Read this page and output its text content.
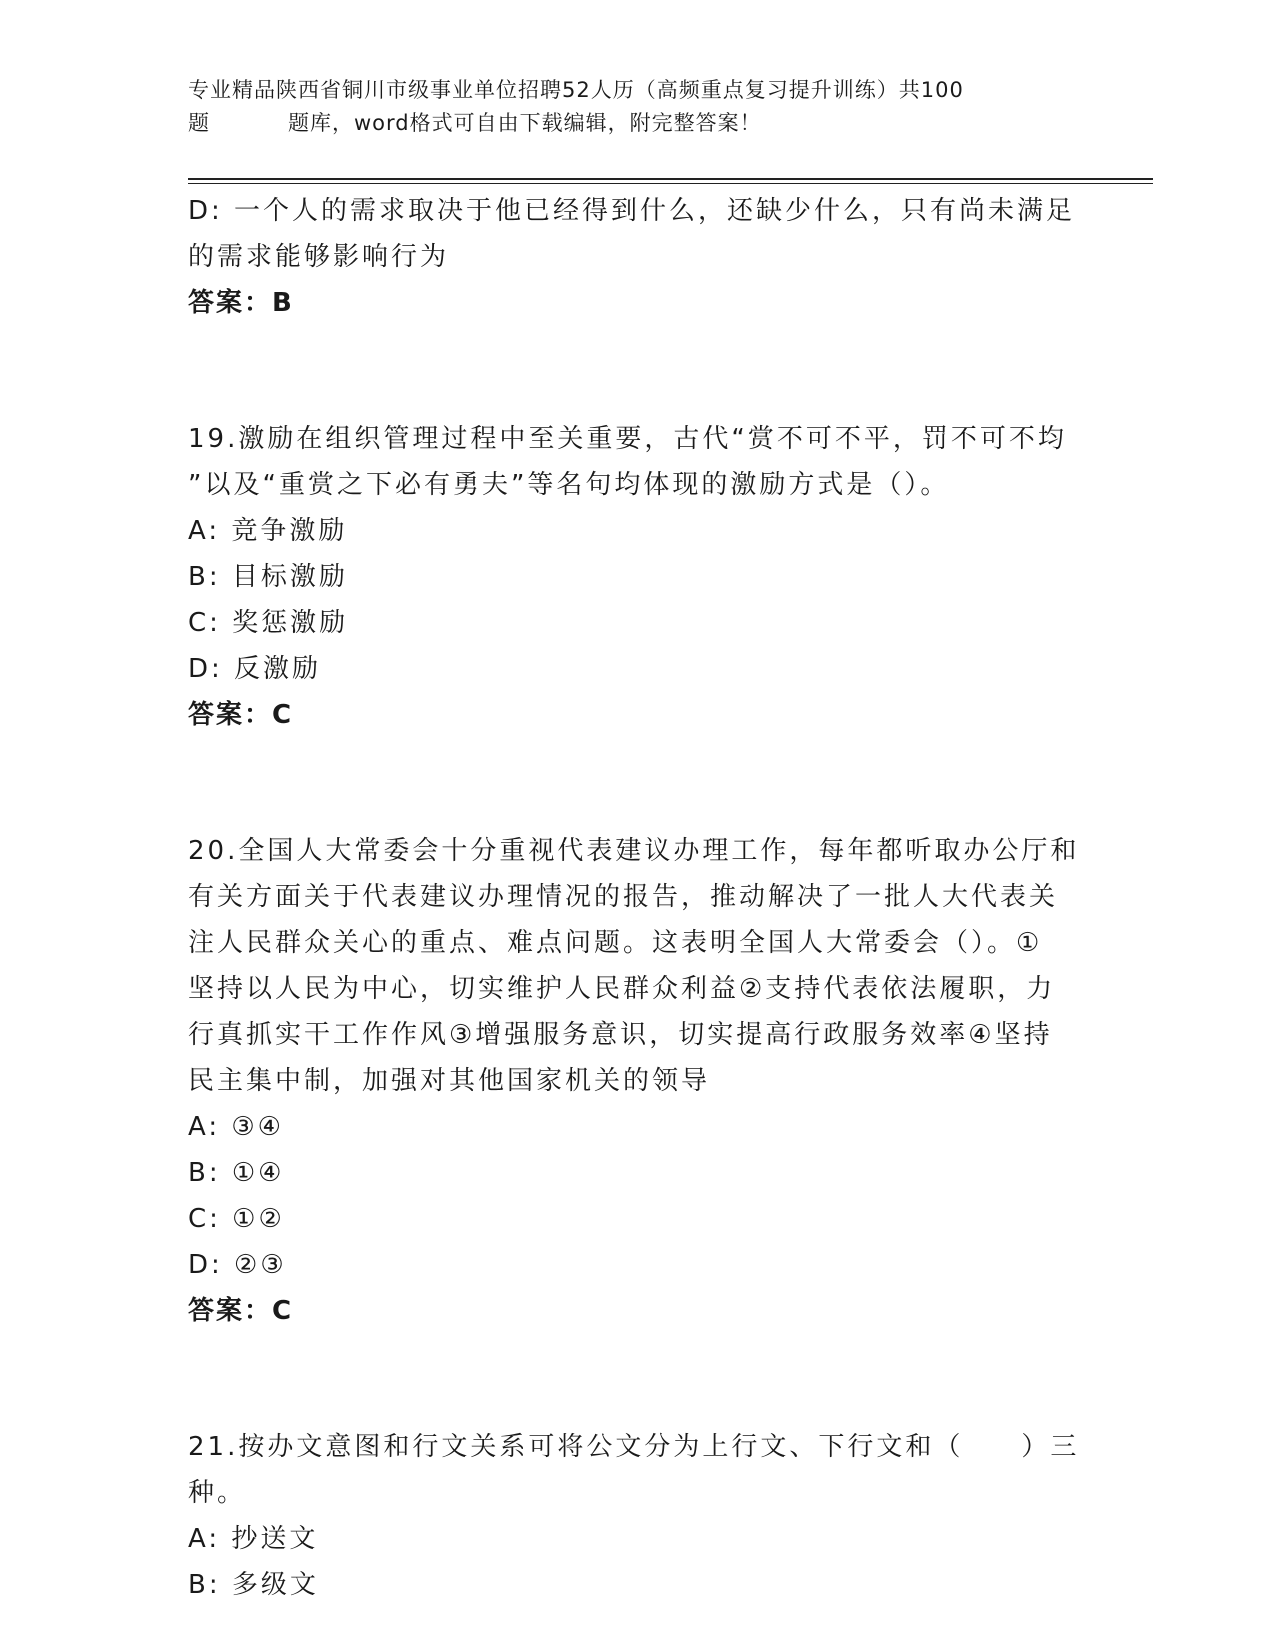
专业精品陕西省铜川市级事业单位招聘52人历（高频重点复习提升训练）共100
题	题库，word格式可自由下载编辑，附完整答案！
D: 一个人的需求取决于他已经得到什么，还缺少什么，只有尚未满足
的需求能够影响行为
答案：B
19.激励在组织管理过程中至关重要，古代“赏不可不平，罚不可不均
”以及“重赏之下必有勇夫”等名句均体现的激励方式是（）。
A: 竞争激励
B: 目标激励
C: 奖惩激励
D: 反激励
答案：C
20.全国人大常委会十分重视代表建议办理工作，每年都听取办公厅和
有关方面关于代表建议办理情况的报告，推动解决了一批人大代表关
注人民群众关心的重点、难点问题。这表明全国人大常委会（）。①
坚持以人民为中心，切实维护人民群众利益②支持代表依法履职，力
行真抓实干工作作风③增强服务意识，切实提高行政服务效率④坚持
民主集中制，加强对其他国家机关的领导
A: ③④
B: ①④
C: ①②
D: ②③
答案：C
21.按办文意图和行文关系可将公文分为上行文、下行文和（　　）三
种。
A: 抄送文
B: 多级文
